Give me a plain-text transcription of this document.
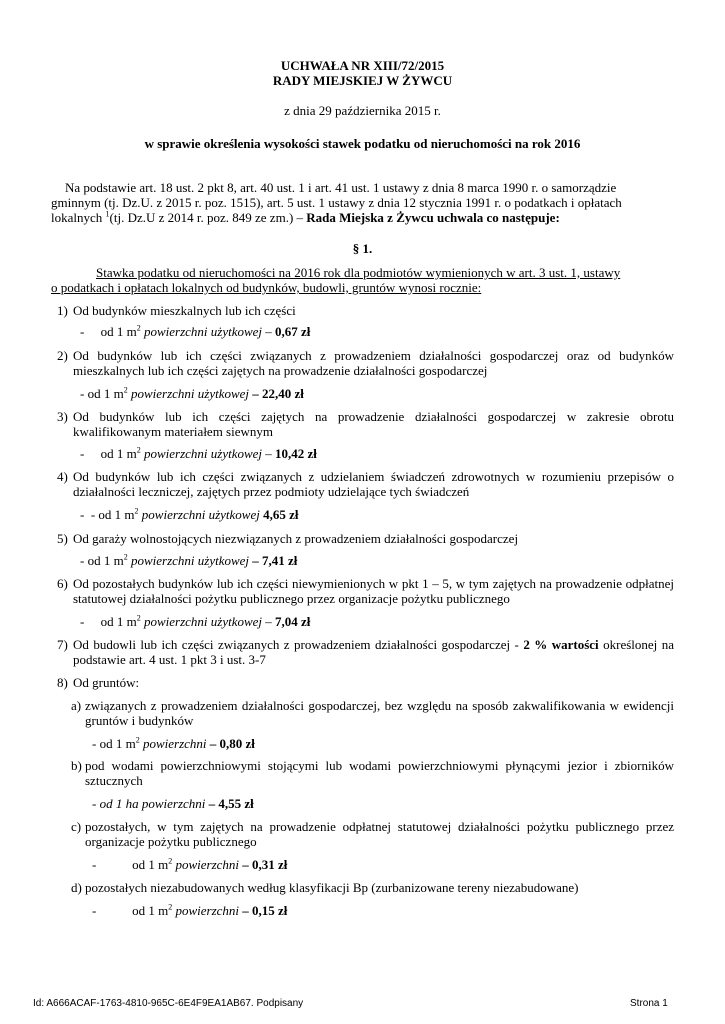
UCHWAŁA NR XIII/72/2015
RADY MIEJSKIEJ W ŻYWCU
z dnia 29 października 2015 r.
w sprawie określenia wysokości stawek podatku od nieruchomości na rok 2016
Na podstawie art. 18 ust. 2 pkt 8, art. 40 ust. 1 i art. 41 ust. 1 ustawy z dnia 8 marca 1990 r. o samorządzie
gminnym (tj. Dz.U. z 2015 r. poz. 1515), art. 5 ust. 1 ustawy z dnia 12 stycznia 1991 r. o podatkach i opłatach
lokalnych $^1$(tj. Dz.U z 2014 r. poz. 849 ze zm.) – Rada Miejska z Żywcu uchwala co następuje:
§ 1.
Stawka podatku od nieruchomości na 2016 rok dla podmiotów wymienionych w art. 3 ust. 1, ustawy
o podatkach i opłatach lokalnych od budynków, budowli, gruntów wynosi rocznie:
1) Od budynków mieszkalnych lub ich części
-     od 1 $m^2$ powierzchni użytkowej – 0,67 zł
2) Od budynków lub ich części związanych z prowadzeniem działalności gospodarczej oraz od budynków mieszkalnych lub ich części zajętych na prowadzenie działalności gospodarczej
- od 1 $m^2$ powierzchni użytkowej – 22,40 zł
3) Od budynków lub ich części zajętych na prowadzenie działalności gospodarczej w zakresie obrotu kwalifikowanym materiałem siewnym
-     od 1 $m^2$ powierzchni użytkowej – 10,42 zł
4) Od budynków lub ich części związanych z udzielaniem świadczeń zdrowotnych w rozumieniu przepisów o działalności leczniczej, zajętych przez podmioty udzielające tych świadczeń
-  - od 1 $m^2$ powierzchni użytkowej 4,65 zł
5) Od garaży wolnostojących niezwiązanych z prowadzeniem działalności gospodarczej
- od 1 $m^2$ powierzchni użytkowej – 7,41 zł
6) Od pozostałych budynków lub ich części niewymienionych w pkt 1 – 5, w tym zajętych na prowadzenie odpłatnej statutowej działalności pożytku publicznego przez organizacje pożytku publicznego
-     od 1 $m^2$ powierzchni użytkowej – 7,04 zł
7) Od budowli lub ich części związanych z prowadzeniem działalności gospodarczej - 2 % wartości określonej na podstawie art. 4 ust. 1 pkt 3 i ust. 3-7
8) Od gruntów:
a) związanych z prowadzeniem działalności gospodarczej, bez względu na sposób zakwalifikowania w ewidencji gruntów i budynków
- od 1 $m^2$ powierzchni – 0,80 zł
b) pod wodami powierzchniowymi stojącymi lub wodami powierzchniowymi płynącymi jezior i zbiorników sztucznych
- od 1 ha powierzchni – 4,55 zł
c) pozostałych, w tym zajętych na prowadzenie odpłatnej statutowej działalności pożytku publicznego przez organizacje pożytku publicznego
-           od 1 $m^2$ powierzchni – 0,31 zł
d) pozostałych niezabudowanych według klasyfikacji Bp (zurbanizowane tereny niezabudowane)
-           od 1 $m^2$ powierzchni – 0,15 zł
Id: A666ACAF-1763-4810-965C-6E4F9EA1AB67. Podpisany	Strona 1
